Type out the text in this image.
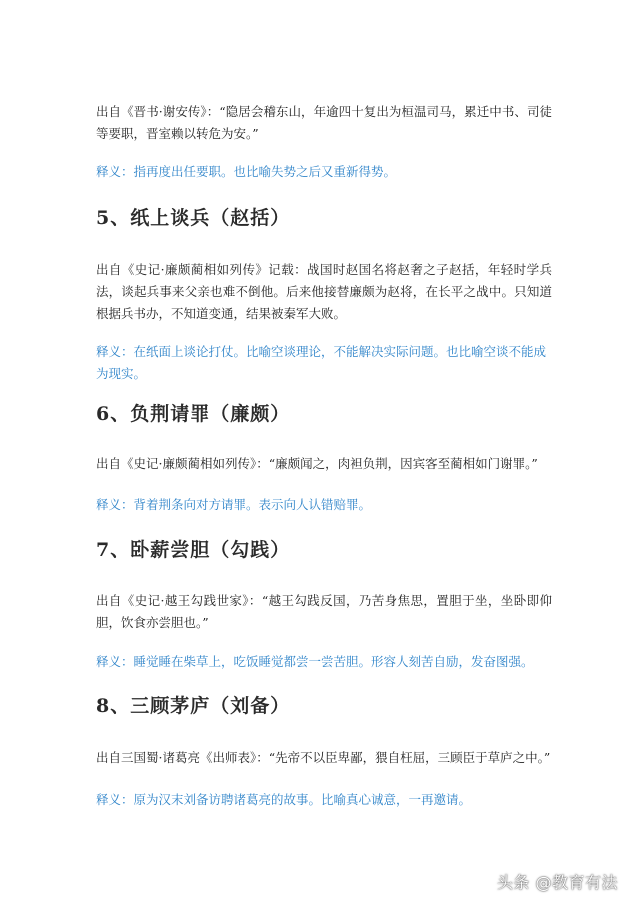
出自《晋书·谢安传》：“隐居会稽东山，年逾四十复出为桓温司马，累迁中书、司徒等要职，晋室赖以转危为安。”

释义：指再度出任要职。也比喻失势之后又重新得势。

5、纸上谈兵（赵括）

出自《史记·廉颇蔺相如列传》记载：战国时赵国名将赵奢之子赵括，年轻时学兵法，谈起兵事来父亲也难不倒他。后来他接替廉颇为赵将，在长平之战中。只知道根据兵书办，不知道变通，结果被秦军大败。

释义：在纸面上谈论打仗。比喻空谈理论，不能解决实际问题。也比喻空谈不能成为现实。

6、负荆请罪（廉颇）

出自《史记·廉颇蔺相如列传》：“廉颇闻之，肉袒负荆，因宾客至蔺相如门谢罪。”

释义：背着荆条向对方请罪。表示向人认错赔罪。

7、卧薪尝胆（勾践）

出自《史记·越王勾践世家》：“越王勾践反国，乃苦身焦思，置胆于坐，坐卧即仰胆，饮食亦尝胆也。”

释义：睡觉睡在柴草上，吃饭睡觉都尝一尝苦胆。形容人刻苦自励，发奋图强。

8、三顾茅庐（刘备）

出自三国蜀·诸葛亮《出师表》：“先帝不以臣卑鄙，猥自枉屈，三顾臣于草庐之中。”

释义：原为汉末刘备访聘诸葛亮的故事。比喻真心诚意，一再邀请。

头条 @教育有法
